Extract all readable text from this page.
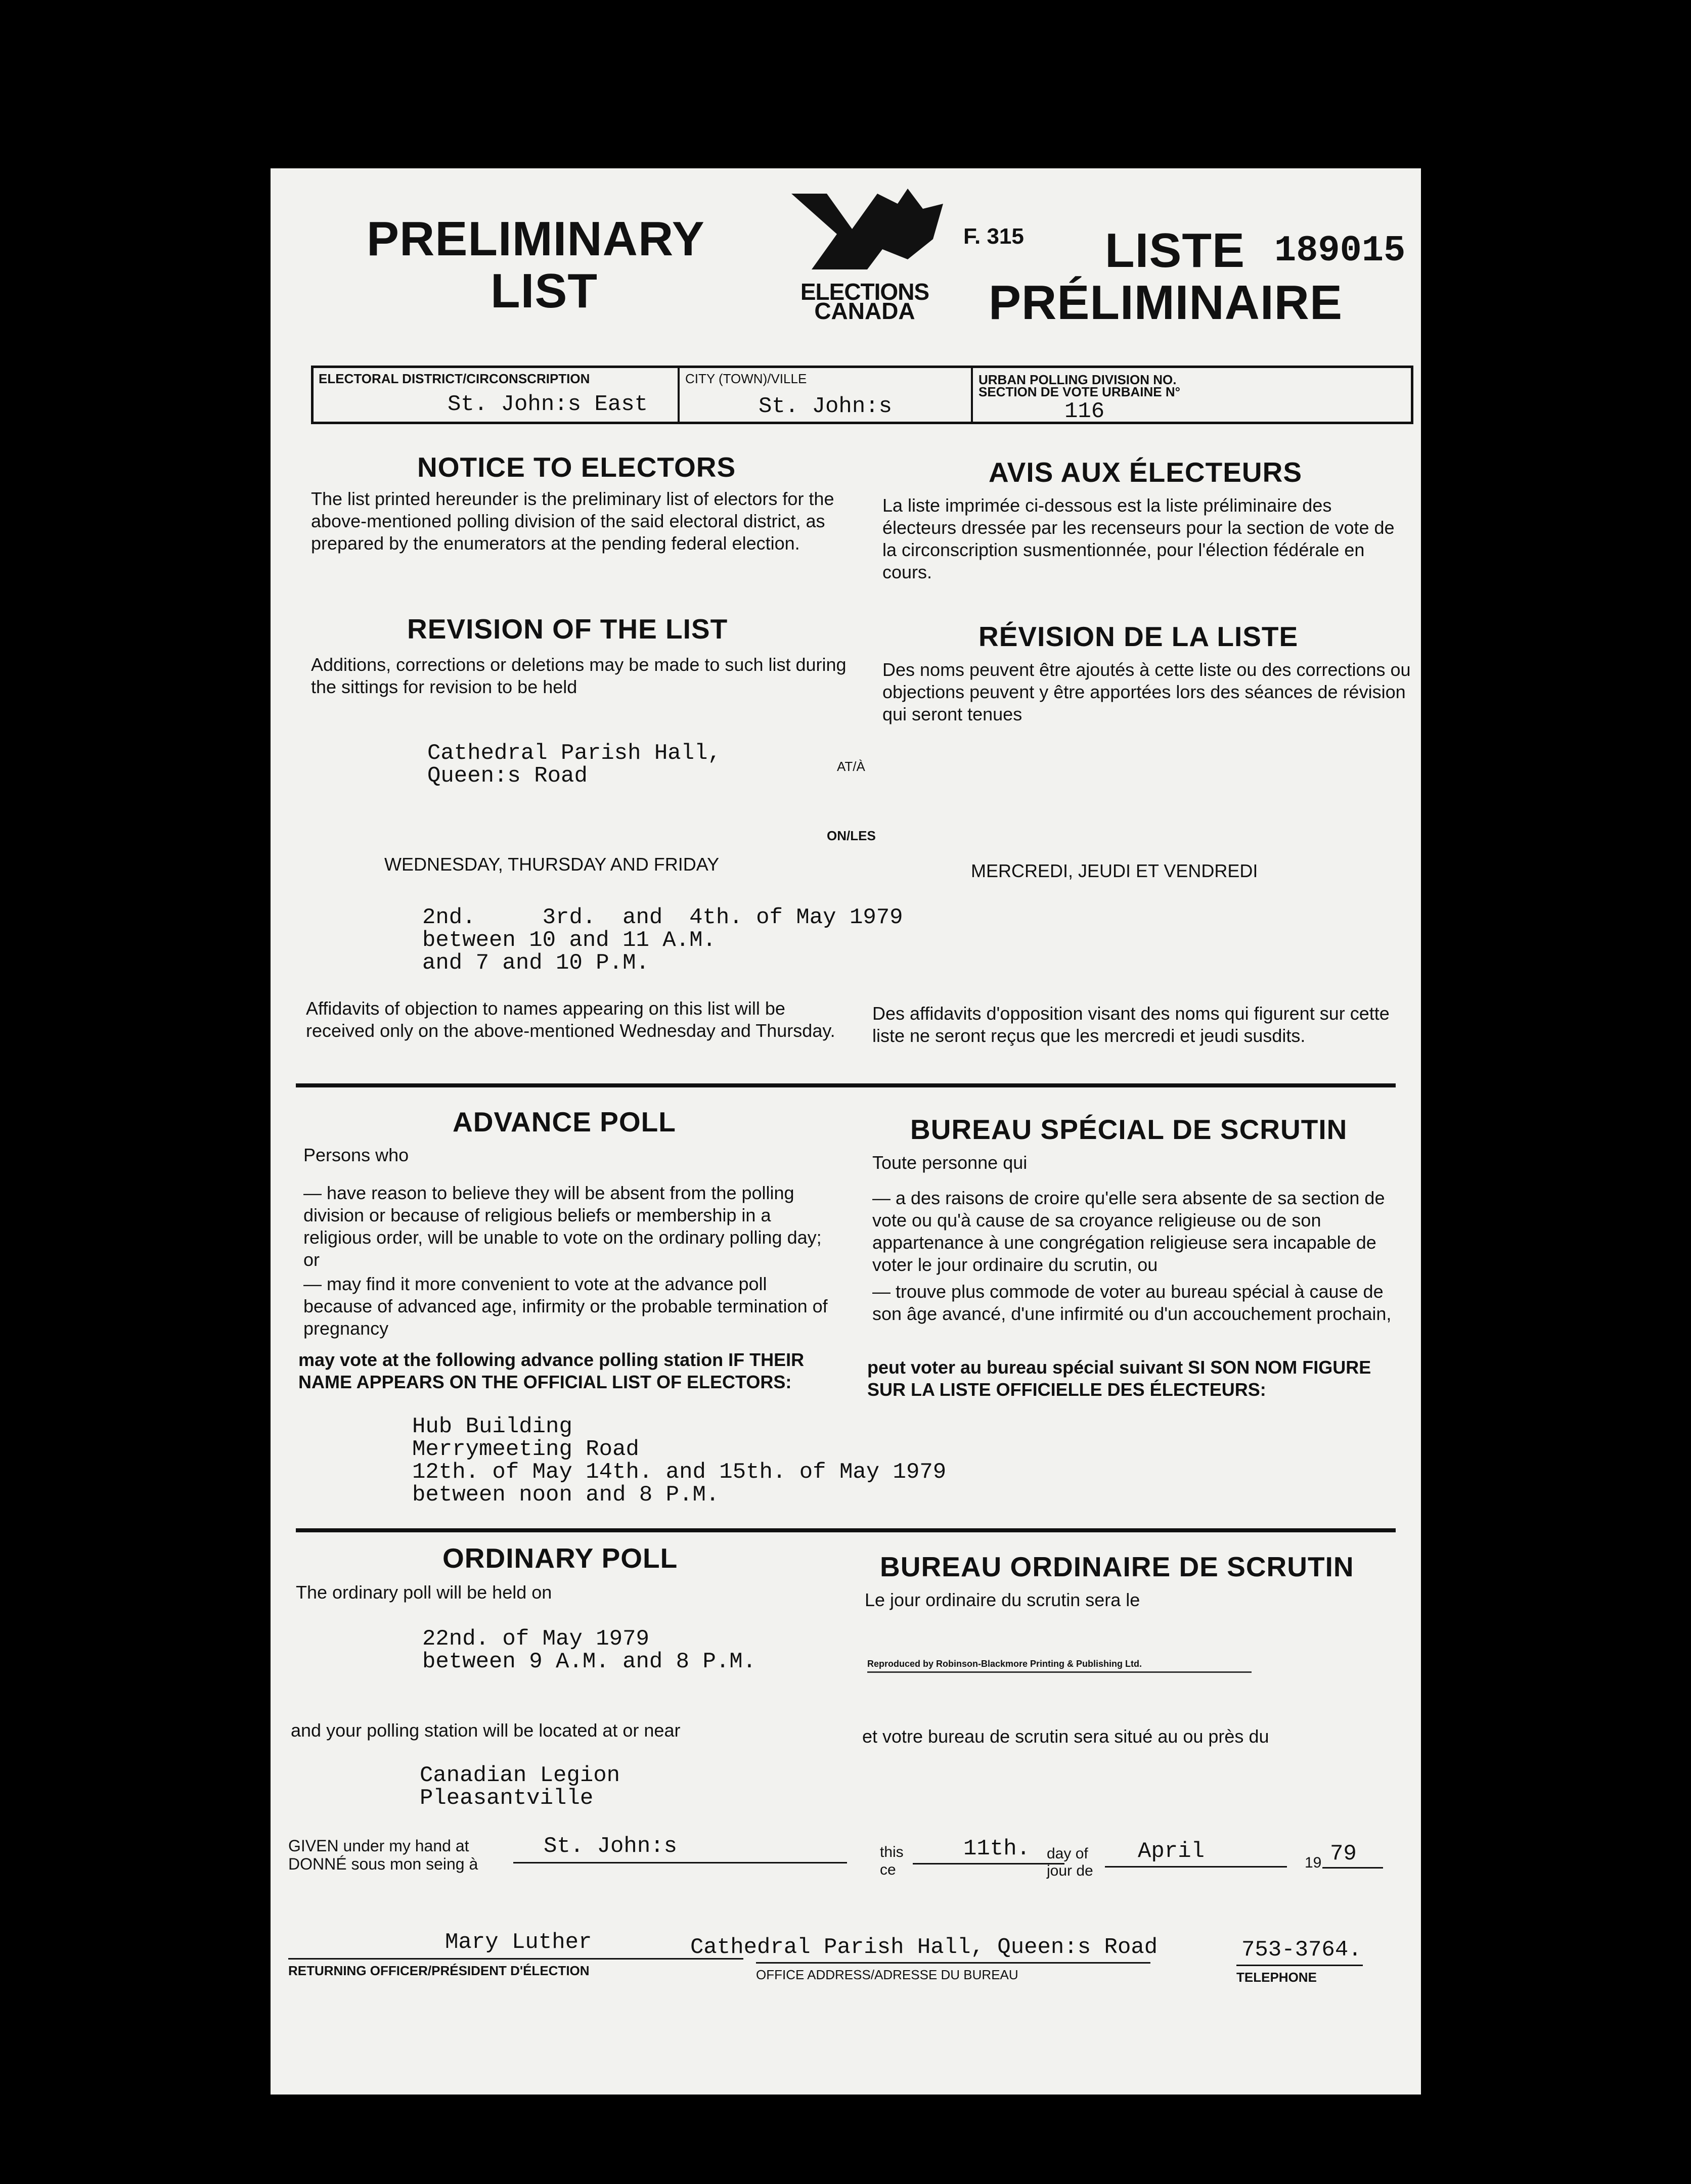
PRELIMINARY
LIST	ELECTIONS
CANADA
F. 315 LISTE 189015
PRÉLIMINAIRE
ELECTORAL DISTRICT/CIRCONSCRIPTION
St. John:s East
CITY (TOWN)/VILLE
St. John:s
URBAN POLLING DIVISION NO.
SECTION DE VOTE URBAINE N°
116
NOTICE TO ELECTORS
The list printed hereunder is the preliminary list of electors for the above-mentioned polling division of the said electoral district, as prepared by the enumerators at the pending federal election.
AVIS AUX ÉLECTEURS
La liste imprimée ci-dessous est la liste préliminaire des électeurs dressée par les recenseurs pour la section de vote de la circonscription susmentionnée, pour l'élection fédérale en cours.
REVISION OF THE LIST
Additions, corrections or deletions may be made to such list during the sittings for revision to be held
RÉVISION DE LA LISTE
Des noms peuvent être ajoutés à cette liste ou des corrections ou objections peuvent y être apportées lors des séances de révision qui seront tenues
Cathedral Parish Hall,
Queen:s Road	AT/À
ON/LES
WEDNESDAY, THURSDAY AND FRIDAY	MERCREDI, JEUDI ET VENDREDI
2nd.     3rd.  and  4th. of May 1979
between 10 and 11 A.M.
and 7 and 10 P.M.
Affidavits of objection to names appearing on this list will be received only on the above-mentioned Wednesday and Thursday.
Des affidavits d'opposition visant des noms qui figurent sur cette liste ne seront reçus que les mercredi et jeudi susdits.
ADVANCE POLL	BUREAU SPÉCIAL DE SCRUTIN
Persons who	Toute personne qui
— have reason to believe they will be absent from the polling division or because of religious beliefs or membership in a religious order, will be unable to vote on the ordinary polling day; or
— may find it more convenient to vote at the advance poll because of advanced age, infirmity or the probable termination of pregnancy
— a des raisons de croire qu'elle sera absente de sa section de vote ou qu'à cause de sa croyance religieuse ou de son appartenance à une congrégation religieuse sera incapable de voter le jour ordinaire du scrutin, ou
— trouve plus commode de voter au bureau spécial à cause de son âge avancé, d'une infirmité ou d'un accouchement prochain,
may vote at the following advance polling station IF THEIR NAME APPEARS ON THE OFFICIAL LIST OF ELECTORS:
peut voter au bureau spécial suivant SI SON NOM FIGURE SUR LA LISTE OFFICIELLE DES ÉLECTEURS:
Hub Building
Merrymeeting Road
12th. of May 14th. and 15th. of May 1979
between noon and 8 P.M.
ORDINARY POLL	BUREAU ORDINAIRE DE SCRUTIN
The ordinary poll will be held on	Le jour ordinaire du scrutin sera le
22nd. of May 1979
between 9 A.M. and 8 P.M.	Reproduced by Robinson-Blackmore Printing & Publishing Ltd.
and your polling station will be located at or near	et votre bureau de scrutin sera situé au ou près du
Canadian Legion
Pleasantville
GIVEN under my hand at
DONNÉ sous mon seing à
St. John:s	this
ce
11th. day of
jour de
April	19 79
Mary Luther
RETURNING OFFICER/PRÉSIDENT D'ÉLECTION
Cathedral Parish Hall, Queen:s Road
OFFICE ADDRESS/ADRESSE DU BUREAU
753-3764.
TELEPHONE
